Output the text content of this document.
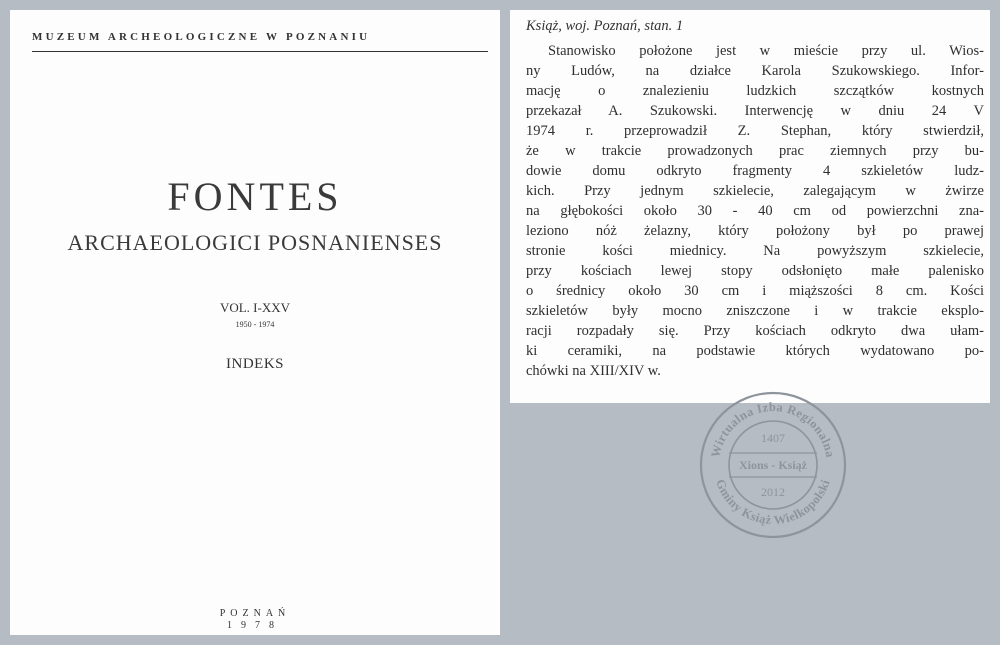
MUZEUM ARCHEOLOGICZNE W POZNANIU
FONTES
ARCHAEOLOGICI POSNANIENSES
VOL. I-XXV
1950 - 1974
INDEKS
POZNAŃ
1978
Książ, woj. Poznań, stan. 1
Stanowisko położone jest w mieście przy ul. Wios-
ny Ludów, na działce Karola Szukowskiego. Infor-
mację o znalezieniu ludzkich szczątków kostnych
przekazał A. Szukowski. Interwencję w dniu 24 V
1974 r. przeprowadził Z. Stephan, który stwierdził,
że w trakcie prowadzonych prac ziemnych przy bu-
dowie domu odkryto fragmenty 4 szkieletów ludz-
kich. Przy jednym szkielecie, zalegającym w żwirze
na głębokości około 30 - 40 cm od powierzchni zna-
leziono nóż żelazny, który położony był po prawej
stronie kości miednicy. Na powyższym szkielecie,
przy kościach lewej stopy odsłonięto małe palenisko
o średnicy około 30 cm i miąższości 8 cm. Kości
szkieletów były mocno zniszczone i w trakcie eksplo-
racji rozpadały się. Przy kościach odkryto dwa ułam-
ki ceramiki, na podstawie których wydatowano po-
chówki na XIII/XIV w.
Wirtualna Izba Regionalna
Gminy Książ Wielkopolski
1407
Xions - Książ
2012
